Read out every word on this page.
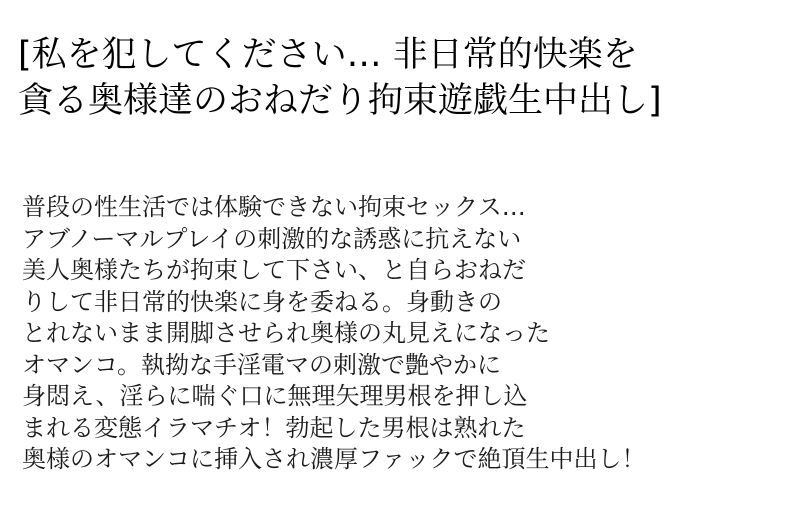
[私を犯してください… 非日常的快楽を
貪る奥様達のおねだり拘束遊戯生中出し]
普段の性生活では体験できない拘束セックス…
アブノーマルプレイの刺激的な誘惑に抗えない
美人奥様たちが拘束して下さい、と自らおねだ
りして非日常的快楽に身を委ねる。身動きの
とれないまま開脚させられ奥様の丸見えになった
オマンコ。執拗な手淫電マの刺激で艶やかに
身悶え、淫らに喘ぐ口に無理矢理男根を押し込
まれる変態イラマチオ！勃起した男根は熟れた
奥様のオマンコに挿入され濃厚ファックで絶頂生中出し！
